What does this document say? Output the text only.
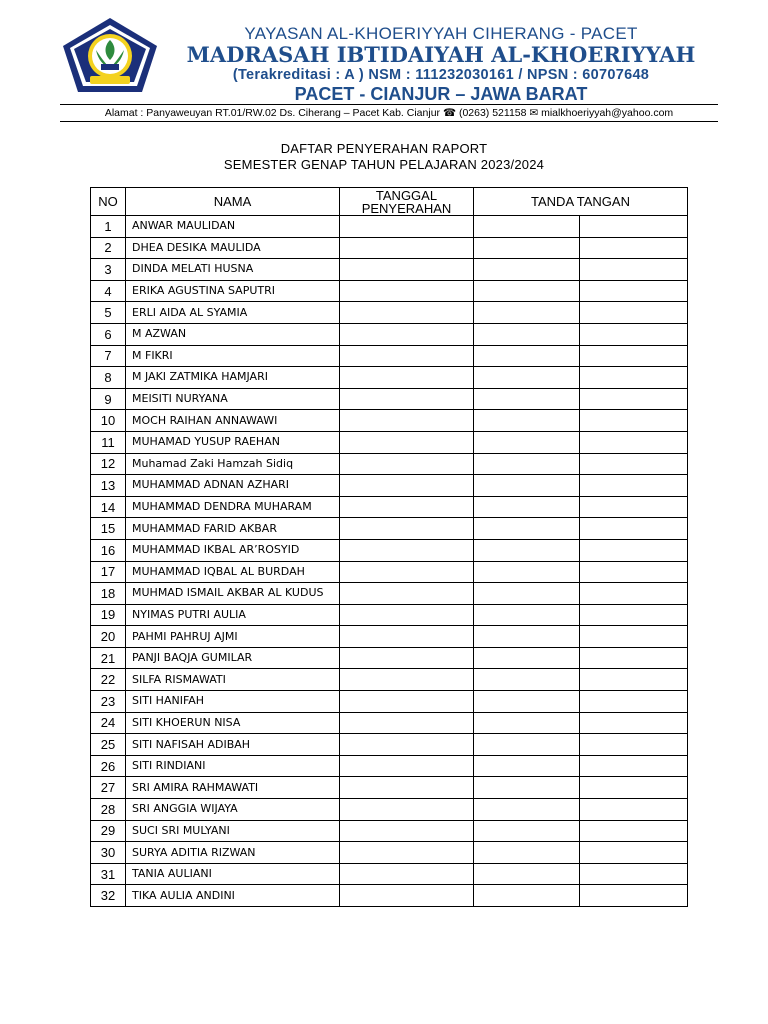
YAYASAN AL-KHOERIYYAH CIHERANG - PACET
MADRASAH IBTIDAIYAH AL-KHOERIYYAH
(Terakreditasi : A ) NSM : 111232030161 / NPSN : 60707648
PACET - CIANJUR – JAWA BARAT
Alamat : Panyaweuyan RT.01/RW.02 Ds. Ciherang – Pacet Kab. Cianjur ☎ (0263) 521158 ✉ mialkhoeriyyah@yahoo.com
DAFTAR PENYERAHAN RAPORT
SEMESTER GENAP TAHUN PELAJARAN 2023/2024
NO	NAMA	TANGGAL PENYERAHAN	TANDA TANGAN	
1	ANWAR MAULIDAN			
2	DHEA DESIKA MAULIDA			
3	DINDA MELATI HUSNA			
4	ERIKA AGUSTINA SAPUTRI			
5	ERLI AIDA AL SYAMIA			
6	M AZWAN			
7	M FIKRI			
8	M JAKI ZATMIKA HAMJARI			
9	MEISITI NURYANA			
10	MOCH RAIHAN ANNAWAWI			
11	MUHAMAD YUSUP RAEHAN			
12	Muhamad Zaki Hamzah Sidiq			
13	MUHAMMAD ADNAN AZHARI			
14	MUHAMMAD DENDRA MUHARAM			
15	MUHAMMAD FARID AKBAR			
16	MUHAMMAD IKBAL AR’ROSYID			
17	MUHAMMAD IQBAL AL BURDAH			
18	MUHMAD ISMAIL AKBAR AL KUDUS			
19	NYIMAS PUTRI AULIA			
20	PAHMI PAHRUJ AJMI			
21	PANJI BAQJA GUMILAR			
22	SILFA RISMAWATI			
23	SITI HANIFAH			
24	SITI KHOERUN NISA			
25	SITI NAFISAH ADIBAH			
26	SITI RINDIANI			
27	SRI AMIRA RAHMAWATI			
28	SRI ANGGIA WIJAYA			
29	SUCI SRI MULYANI			
30	SURYA ADITIA RIZWAN			
31	TANIA AULIANI			
32	TIKA AULIA ANDINI			
